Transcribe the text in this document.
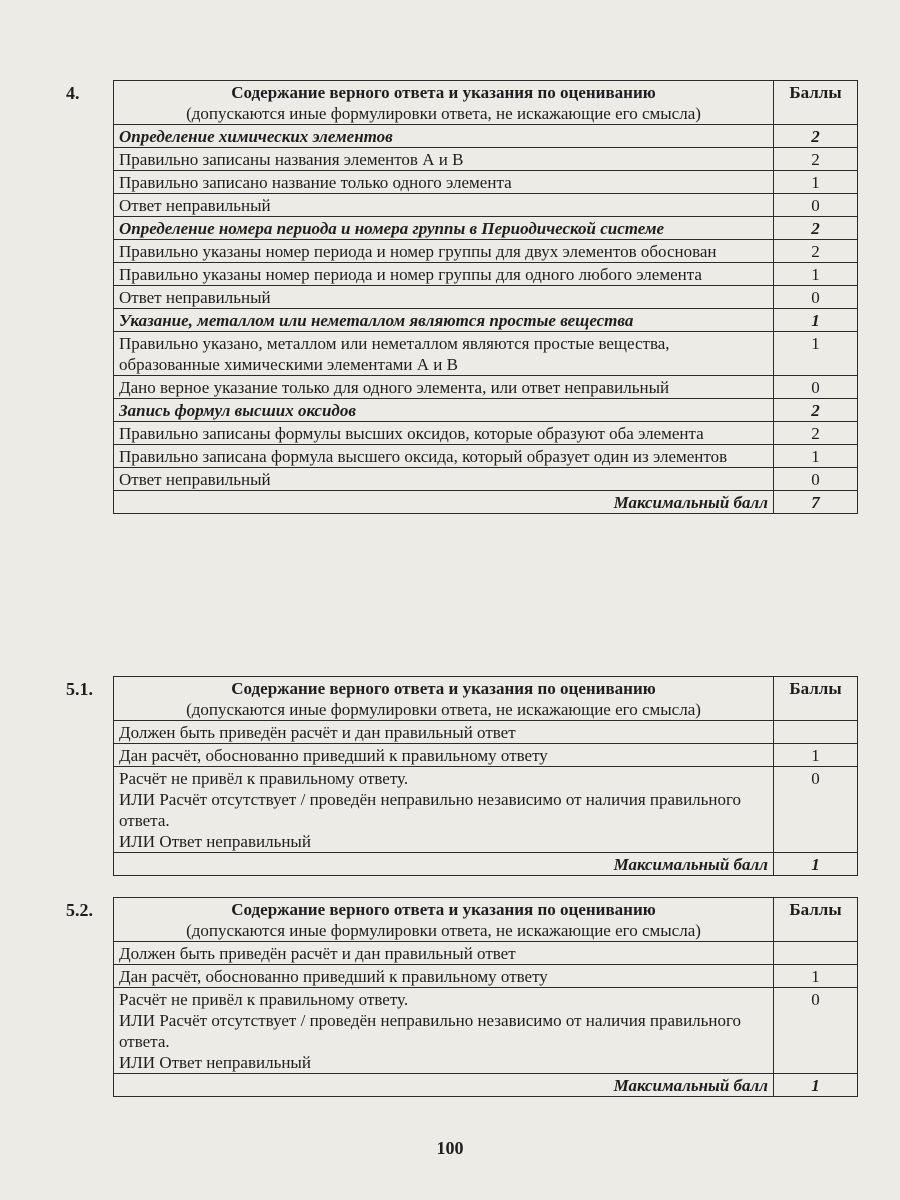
4.	Содержание верного ответа и указания по оцениванию
(допускаются иные формулировки ответа, не искажающие его смысла)	Баллы
Определение химических элементов	2
Правильно записаны названия элементов А и В	2
Правильно записано название только одного элемента	1
Ответ неправильный	0
Определение номера периода и номера группы в Периодической системе	2
Правильно указаны номер периода и номер группы для двух элементов обоснован	2
Правильно указаны номер периода и номер группы для одного любого элемента	1
Ответ неправильный	0
Указание, металлом или неметаллом являются простые вещества	1
Правильно указано, металлом или неметаллом являются простые вещества, образованные химическими элементами А и В	1
Дано верное указание только для одного элемента, или ответ неправильный	0
Запись формул высших оксидов	2
Правильно записаны формулы высших оксидов, которые образуют оба элемента	2
Правильно записана формула высшего оксида, который образует один из элементов	1
Ответ неправильный	0
Максимальный балл	7
5.1.	Содержание верного ответа и указания по оцениванию
(допускаются иные формулировки ответа, не искажающие его смысла)	Баллы
Должен быть приведён расчёт и дан правильный ответ	
Дан расчёт, обоснованно приведший к правильному ответу	1

Расчёт не привёл к правильному ответу.
ИЛИ Расчёт отсутствует / проведён неправильно независимо от наличия правильного ответа.
ИЛИ Ответ неправильный	0
Максимальный балл	1
5.2.	Содержание верного ответа и указания по оцениванию
(допускаются иные формулировки ответа, не искажающие его смысла)	Баллы
Должен быть приведён расчёт и дан правильный ответ	
Дан расчёт, обоснованно приведший к правильному ответу	1

Расчёт не привёл к правильному ответу.
ИЛИ Расчёт отсутствует / проведён неправильно независимо от наличия правильного ответа.
ИЛИ Ответ неправильный	0
Максимальный балл	1
100
